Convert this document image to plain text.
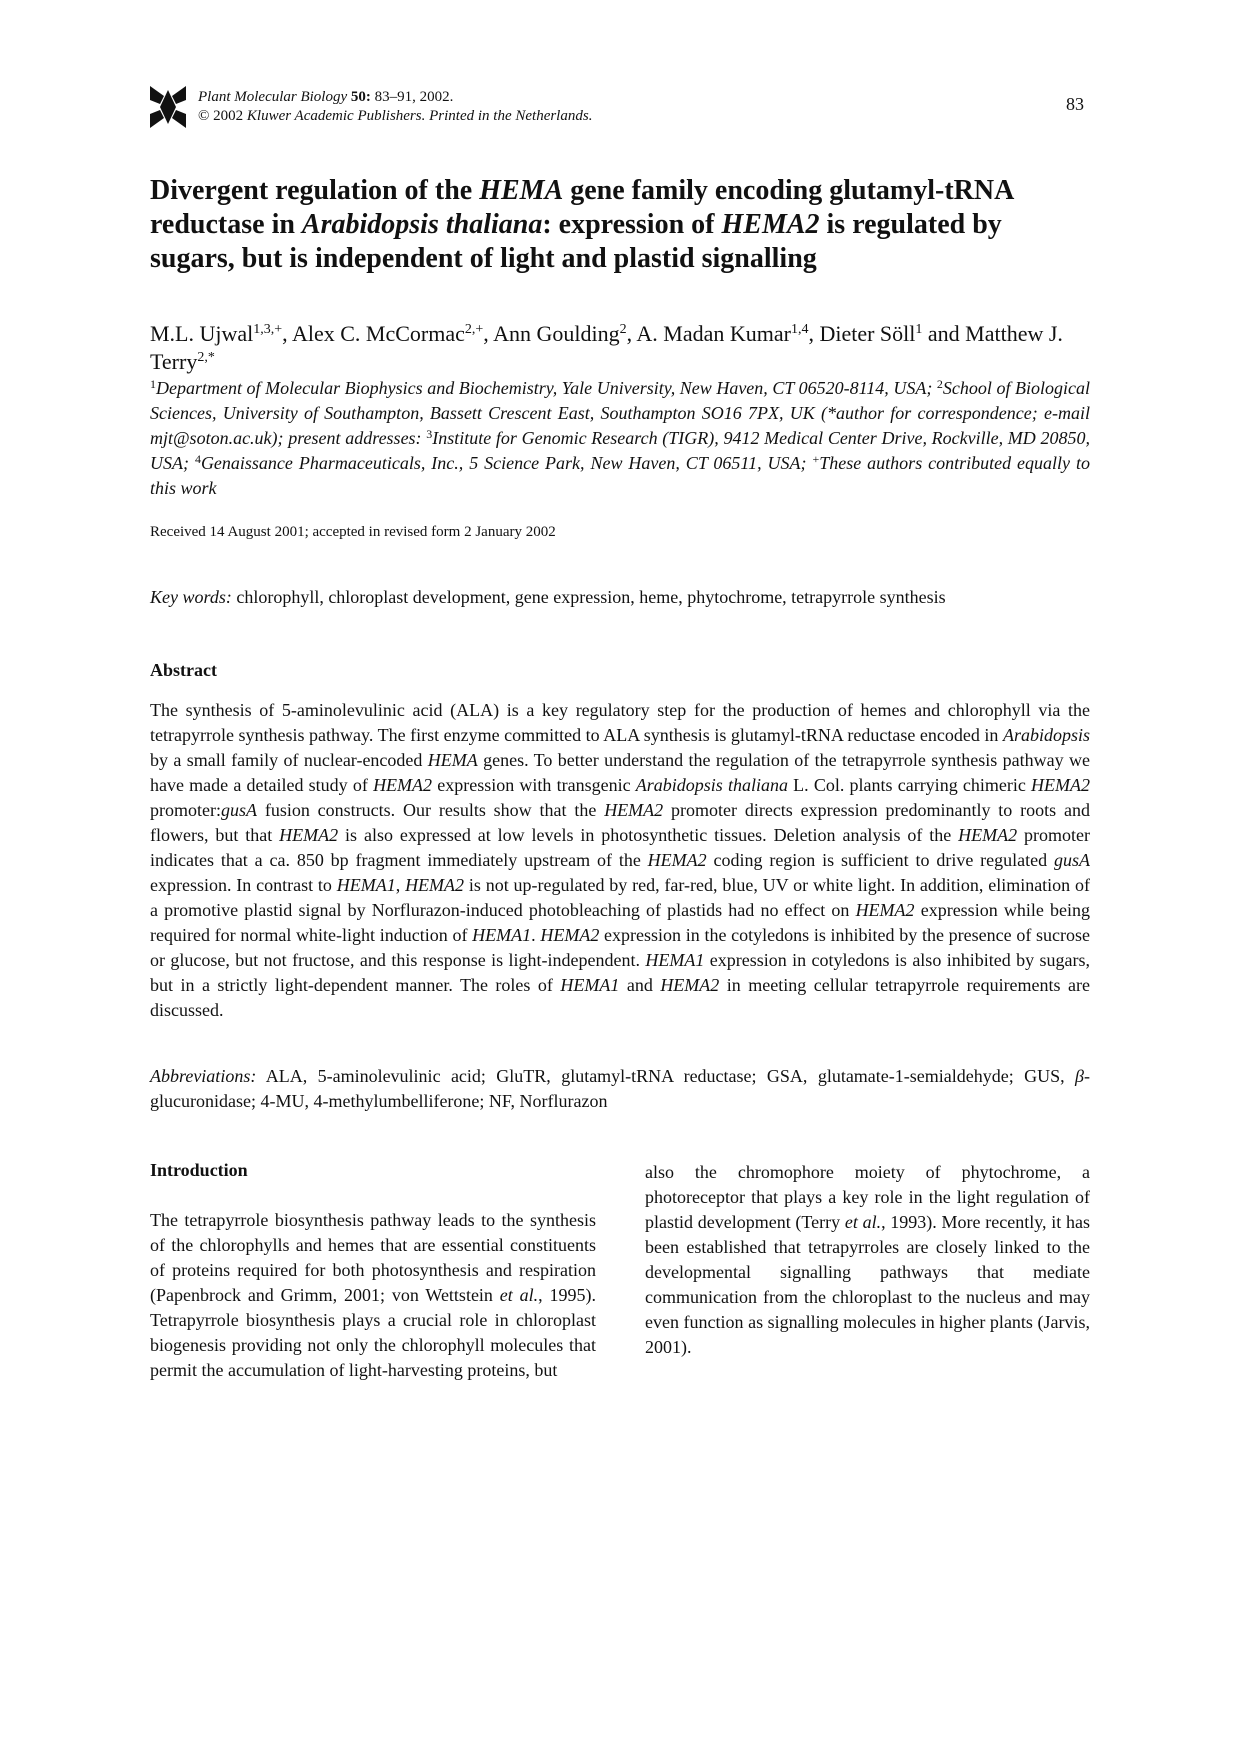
Plant Molecular Biology 50: 83–91, 2002.
© 2002 Kluwer Academic Publishers. Printed in the Netherlands.
83
Divergent regulation of the HEMA gene family encoding glutamyl-tRNA reductase in Arabidopsis thaliana: expression of HEMA2 is regulated by sugars, but is independent of light and plastid signalling
M.L. Ujwal$^{1,3,+}$, Alex C. McCormac$^{2,+}$, Ann Goulding$^2$, A. Madan Kumar$^{1,4}$, Dieter Söll$^1$ and Matthew J. Terry$^{2,*}$
$^1$Department of Molecular Biophysics and Biochemistry, Yale University, New Haven, CT 06520-8114, USA; $^2$School of Biological Sciences, University of Southampton, Bassett Crescent East, Southampton SO16 7PX, UK (*author for correspondence; e-mail mjt@soton.ac.uk); present addresses: $^3$Institute for Genomic Research (TIGR), 9412 Medical Center Drive, Rockville, MD 20850, USA; $^4$Genaissance Pharmaceuticals, Inc., 5 Science Park, New Haven, CT 06511, USA; +These authors contributed equally to this work
Received 14 August 2001; accepted in revised form 2 January 2002
Key words: chlorophyll, chloroplast development, gene expression, heme, phytochrome, tetrapyrrole synthesis
Abstract

The synthesis of 5-aminolevulinic acid (ALA) is a key regulatory step for the production of hemes and chlorophyll via the tetrapyrrole synthesis pathway. The first enzyme committed to ALA synthesis is glutamyl-tRNA reductase encoded in Arabidopsis by a small family of nuclear-encoded HEMA genes. To better understand the regulation of the tetrapyrrole synthesis pathway we have made a detailed study of HEMA2 expression with transgenic Arabidopsis thaliana L. Col. plants carrying chimeric HEMA2 promoter:gusA fusion constructs. Our results show that the HEMA2 promoter directs expression predominantly to roots and flowers, but that HEMA2 is also expressed at low levels in photosynthetic tissues. Deletion analysis of the HEMA2 promoter indicates that a ca. 850 bp fragment immediately upstream of the HEMA2 coding region is sufficient to drive regulated gusA expression. In contrast to HEMA1, HEMA2 is not up-regulated by red, far-red, blue, UV or white light. In addition, elimination of a promotive plastid signal by Norflurazon-induced photobleaching of plastids had no effect on HEMA2 expression while being required for normal white-light induction of HEMA1. HEMA2 expression in the cotyledons is inhibited by the presence of sucrose or glucose, but not fructose, and this response is light-independent. HEMA1 expression in cotyledons is also inhibited by sugars, but in a strictly light-dependent manner. The roles of HEMA1 and HEMA2 in meeting cellular tetrapyrrole requirements are discussed.

Abbreviations: ALA, 5-aminolevulinic acid; GluTR, glutamyl-tRNA reductase; GSA, glutamate-1-semialdehyde; GUS, β-glucuronidase; 4-MU, 4-methylumbelliferone; NF, Norflurazon
Introduction

The tetrapyrrole biosynthesis pathway leads to the synthesis of the chlorophylls and hemes that are essential constituents of proteins required for both photosynthesis and respiration (Papenbrock and Grimm, 2001; von Wettstein et al., 1995). Tetrapyrrole biosynthesis plays a crucial role in chloroplast biogenesis providing not only the chlorophyll molecules that permit the accumulation of light-harvesting proteins, but

also the chromophore moiety of phytochrome, a photoreceptor that plays a key role in the light regulation of plastid development (Terry et al., 1993). More recently, it has been established that tetrapyrroles are closely linked to the developmental signalling pathways that mediate communication from the chloroplast to the nucleus and may even function as signalling molecules in higher plants (Jarvis, 2001).
